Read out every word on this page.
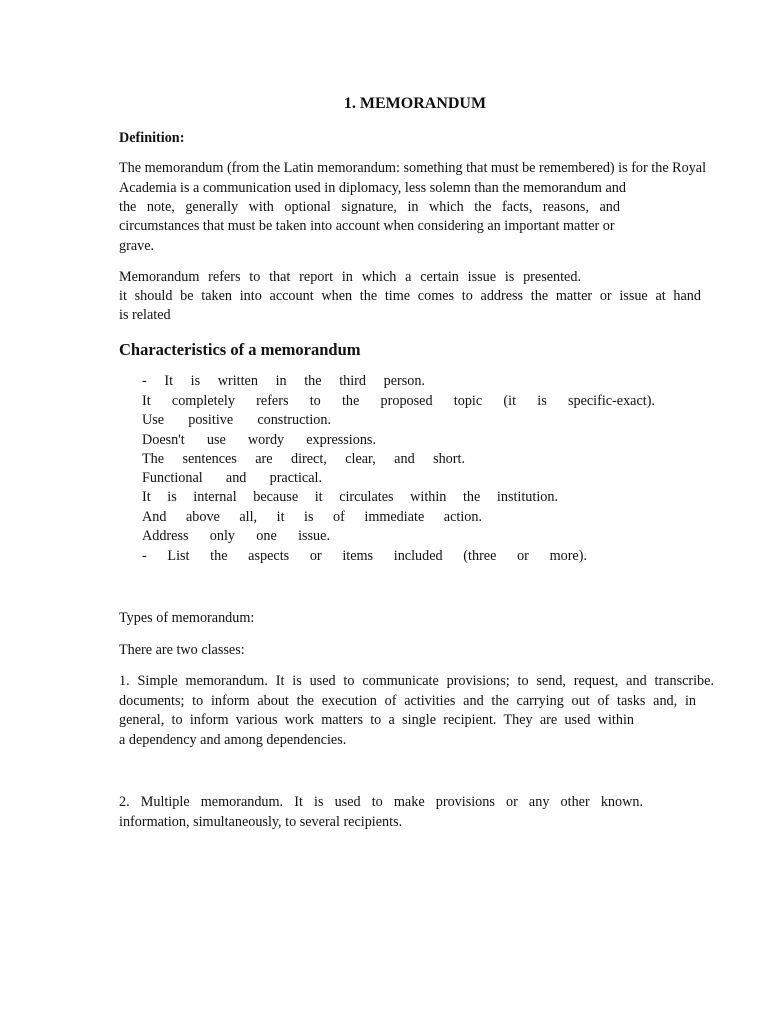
1. MEMORANDUM
Definition:
The memorandum (from the Latin memorandum: something that must be remembered) is for the Royal
Academia is a communication used in diplomacy, less solemn than the memorandum and
the note, generally with optional signature, in which the facts, reasons, and
circumstances that must be taken into account when considering an important matter or
grave.
Memorandum refers to that report in which a certain issue is presented.
it should be taken into account when the time comes to address the matter or issue at hand
is related
Characteristics of a memorandum
- It is written in the third person.
It completely refers to the proposed topic (it is specific-exact).
Use positive construction.
Doesn't use wordy expressions.
The sentences are direct, clear, and short.
Functional and practical.
It is internal because it circulates within the institution.
And above all, it is of immediate action.
Address only one issue.
- List the aspects or items included (three or more).
Types of memorandum:
There are two classes:
1. Simple memorandum. It is used to communicate provisions; to send, request, and transcribe.
documents; to inform about the execution of activities and the carrying out of tasks and, in
general, to inform various work matters to a single recipient. They are used within
a dependency and among dependencies.
2. Multiple memorandum. It is used to make provisions or any other known.
information, simultaneously, to several recipients.
